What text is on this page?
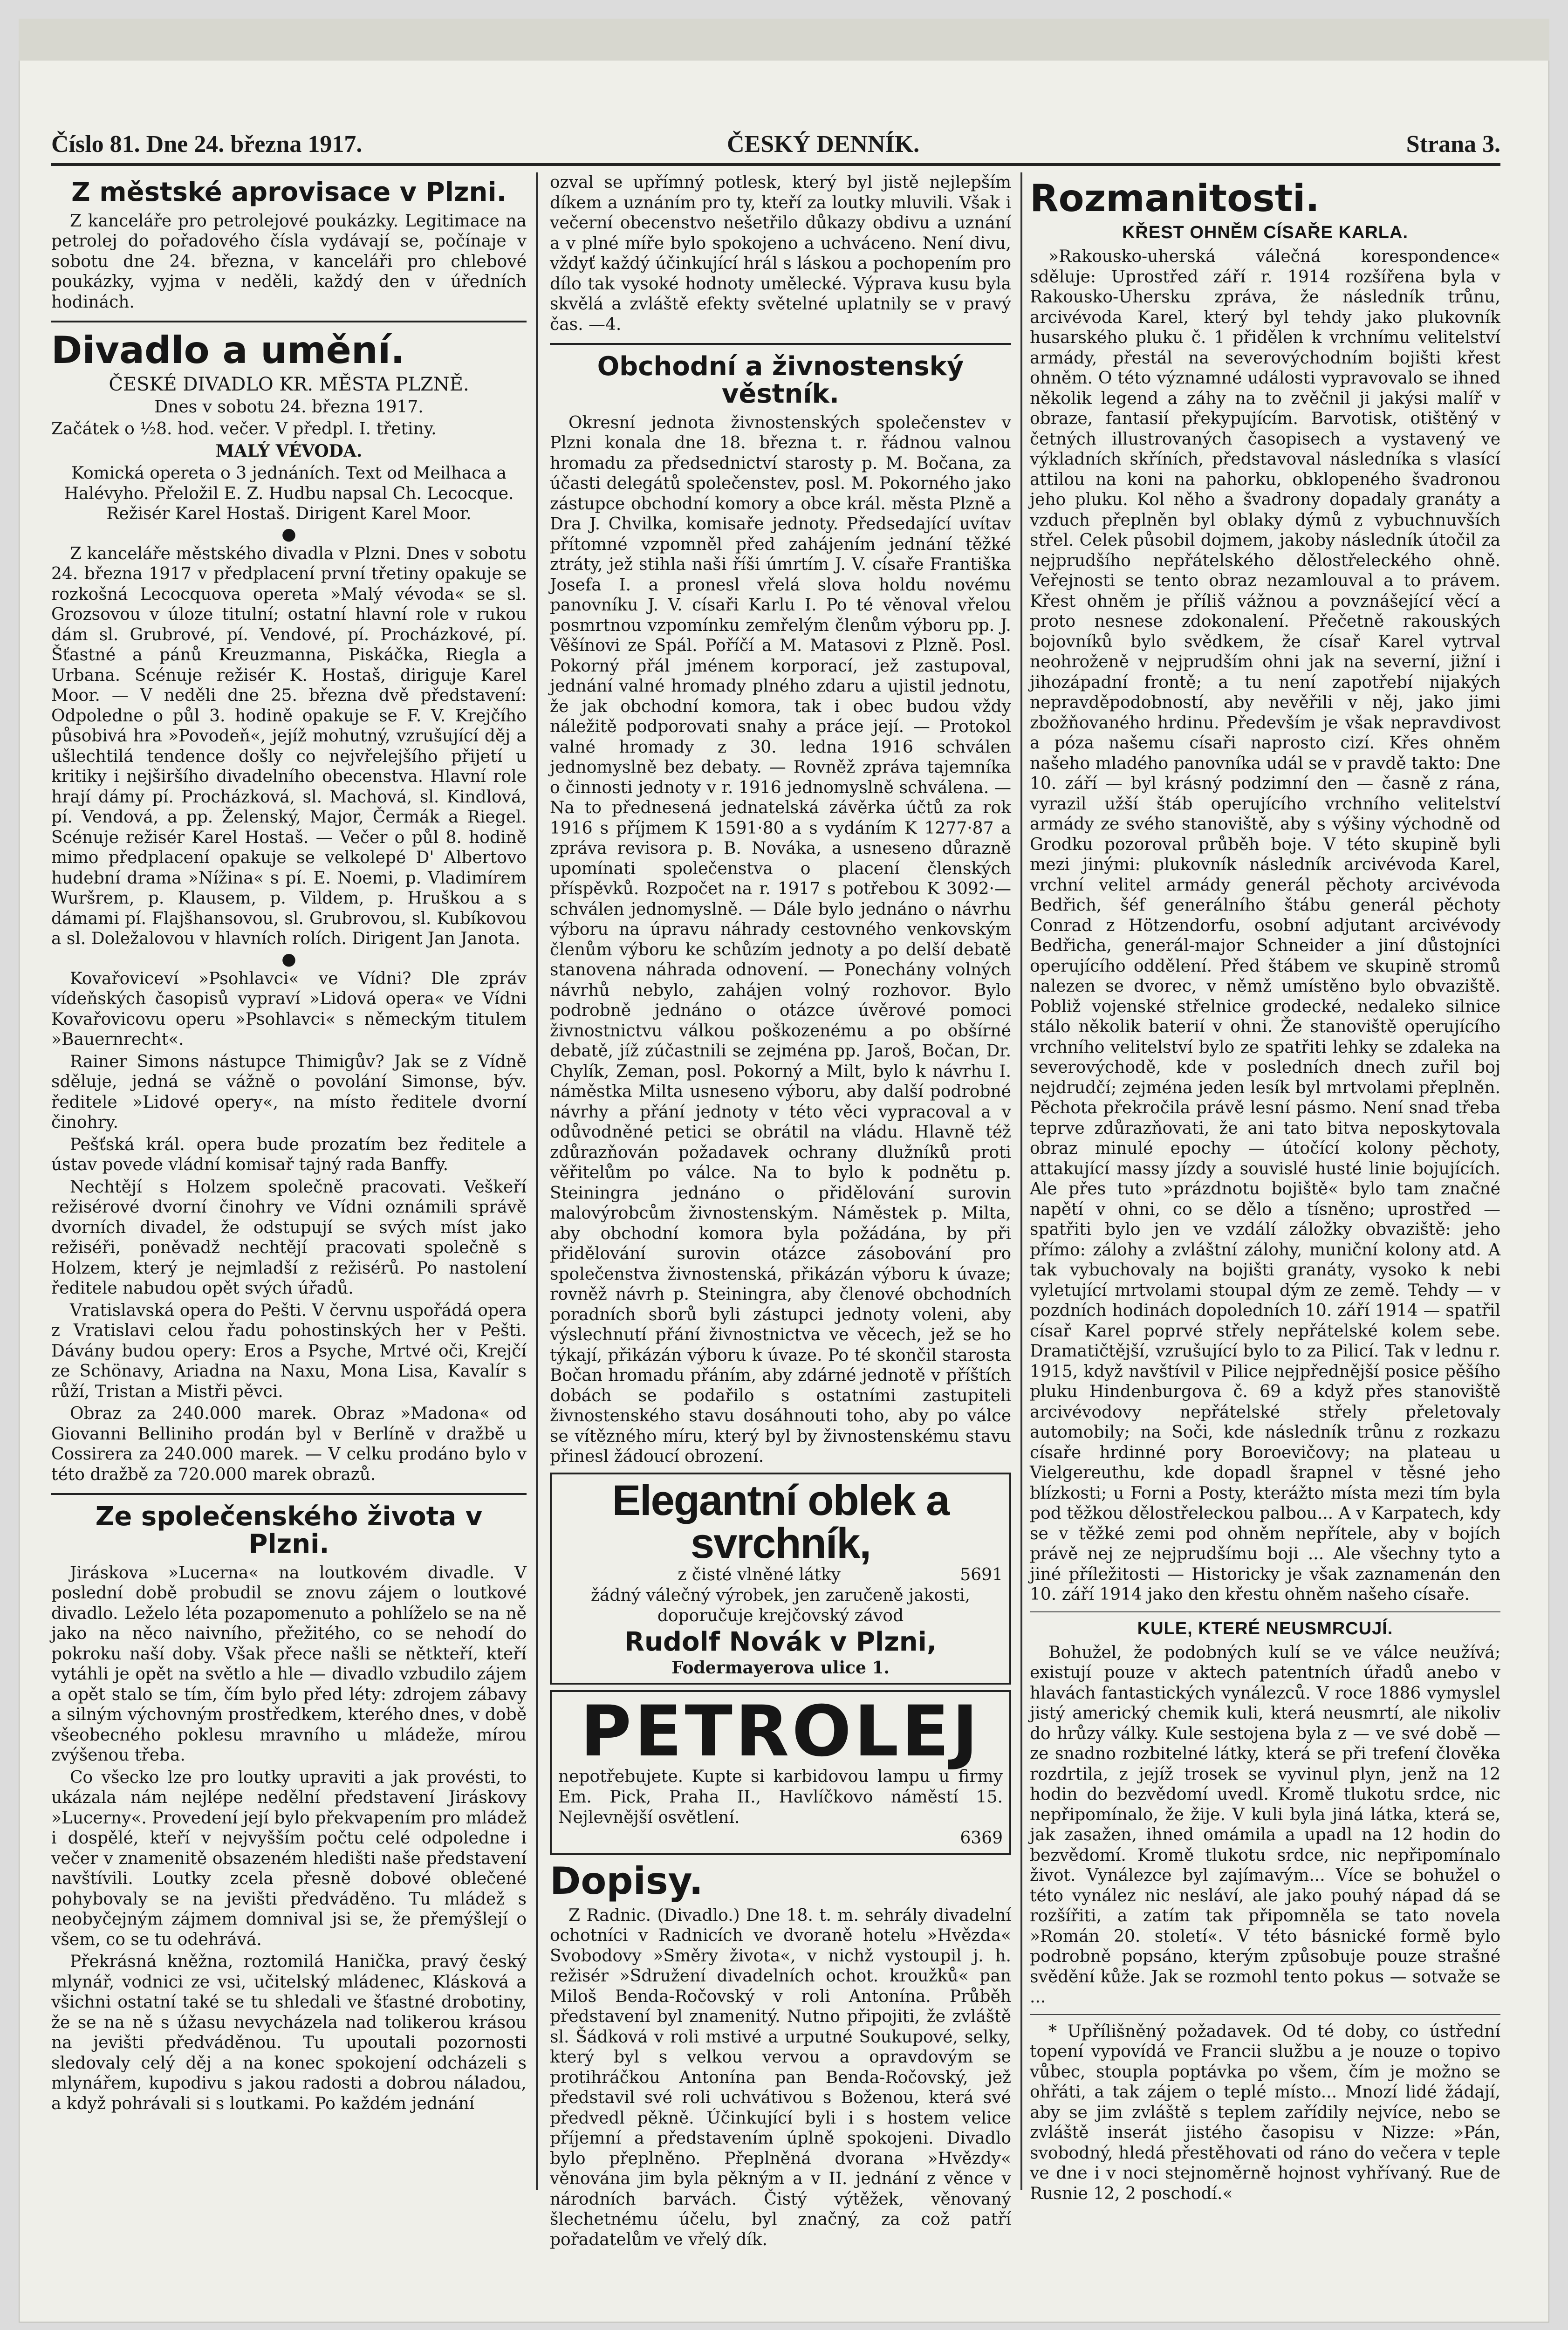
Číslo 81. Dne 24. března 1917.	ČESKÝ DENNÍK.	Strana 3.
Z městské aprovisace v Plzni.

Z kanceláře pro petrolejové poukázky. Legitimace na petrolej do pořadového čísla vydávají se, počínaje v sobotu dne 24. března, v kanceláři pro chlebové poukázky, vyjma v neděli, každý den v úředních hodinách.

Divadlo a umění.

ČESKÉ DIVADLO KR. MĚSTA PLZNĚ.

Dnes v sobotu 24. března 1917.

Začátek o ½8. hod. večer. V předpl. I. třetiny.

MALÝ VÉVODA.

Komická opereta o 3 jednáních. Text od Meilhaca a Halévyho. Přeložil E. Z. Hudbu napsal Ch. Lecocque. Režisér Karel Hostaš. Dirigent Karel Moor.

●

Z kanceláře městského divadla v Plzni. Dnes v sobotu 24. března 1917 v předplacení první třetiny opakuje se rozkošná Lecocquova opereta »Malý vévoda« se sl. Grozsovou v úloze titulní; ostatní hlavní role v rukou dám sl. Grubrové, pí. Vendové, pí. Procházkové, pí. Šťastné a pánů Kreuzmanna, Piskáčka, Riegla a Urbana. Scénuje režisér K. Hostaš, diriguje Karel Moor. — V neděli dne 25. března dvě představení: Odpoledne o půl 3. hodině opakuje se F. V. Krejčího působivá hra »Povodeň«, jejíž mohutný, vzrušující děj a ušlechtilá tendence došly co nejvřelejšího přijetí u kritiky i nejširšího divadelního obecenstva. Hlavní role hrají dámy pí. Procházková, sl. Machová, sl. Kindlová, pí. Vendová, a pp. Želenský, Major, Čermák a Riegel. Scénuje režisér Karel Hostaš. — Večer o půl 8. hodině mimo předplacení opakuje se velkolepé D' Albertovo hudební drama »Nížina« s pí. E. Noemi, p. Vladimírem Wuršrem, p. Klausem, p. Vildem, p. Hruškou a s dámami pí. Flajšhansovou, sl. Grubrovou, sl. Kubíkovou a sl. Doležalovou v hlavních rolích. Dirigent Jan Janota.

●

Kovařoviceví »Psohlavci« ve Vídni? Dle zpráv vídeňských časopisů vypraví »Lidová opera« ve Vídni Kovařovicovu operu »Psohlavci« s německým titulem »Bauernrecht«.

Rainer Simons nástupce Thimigův? Jak se z Vídně sděluje, jedná se vážně o povolání Simonse, býv. ředitele »Lidové opery«, na místo ředitele dvorní činohry.

Pešťská král. opera bude prozatím bez ředitele a ústav povede vládní komisař tajný rada Banffy.

Nechtějí s Holzem společně pracovati. Veškeří režisérové dvorní činohry ve Vídni oznámili správě dvorních divadel, že odstupují se svých míst jako režiséři, poněvadž nechtějí pracovati společně s Holzem, který je nejmladší z režisérů. Po nastolení ředitele nabudou opět svých úřadů.

Vratislavská opera do Pešti. V červnu uspořádá opera z Vratislavi celou řadu pohostinských her v Pešti. Dávány budou opery: Eros a Psyche, Mrtvé oči, Krejčí ze Schönavy, Ariadna na Naxu, Mona Lisa, Kavalír s růží, Tristan a Mistři pěvci.

Obraz za 240.000 marek. Obraz »Madona« od Giovanni Belliniho prodán byl v Berlíně v dražbě u Cossirera za 240.000 marek. — V celku prodáno bylo v této dražbě za 720.000 marek obrazů.

Ze společenského života v Plzni.

Jiráskova »Lucerna« na loutkovém divadle. V poslední době probudil se znovu zájem o loutkové divadlo. Leželo léta pozapomenuto a pohlíželo se na ně jako na něco naivního, přežitého, co se nehodí do pokroku naší doby. Však přece našli se nětkteří, kteří vytáhli je opět na světlo a hle — divadlo vzbudilo zájem a opět stalo se tím, čím bylo před léty: zdrojem zábavy a silným výchovným prostředkem, kterého dnes, v době všeobecného poklesu mravního u mládeže, mírou zvýšenou třeba.

Co všecko lze pro loutky upraviti a jak provésti, to ukázala nám nejlépe nedělní představení Jiráskovy »Lucerny«. Provedení její bylo překvapením pro mládež i dospělé, kteří v nejvyšším počtu celé odpoledne i večer v znamenitě obsazeném hledišti naše představení navštívili. Loutky zcela přesně dobové oblečené pohybovaly se na jevišti předváděno. Tu mládež s neobyčejným zájmem domnival jsi se, že přemýšlejí o všem, co se tu odehrává.

Překrásná kněžna, roztomilá Hanička, pravý český mlynář, vodnici ze vsi, učitelský mládenec, Klásková a všichni ostatní také se tu shledali ve šťastné drobotiny, že se na ně s úžasu nevycházela nad tolikerou krásou na jevišti předváděnou. Tu upoutali pozornosti sledovaly celý děj a na konec spokojení odcházeli s mlynářem, kupodivu s jakou radosti a dobrou náladou, a když pohrávali si s loutkami. Po každém jednání

ozval se upřímný potlesk, který byl jistě nejlepším díkem a uznáním pro ty, kteří za loutky mluvili. Však i večerní obecenstvo nešetřilo důkazy obdivu a uznání a v plné míře bylo spokojeno a uchváceno. Není divu, vždyť každý účinkující hrál s láskou a pochopením pro dílo tak vysoké hodnoty umělecké. Výprava kusu byla skvělá a zvláště efekty světelné uplatnily se v pravý čas. —4.

Obchodní a živnostenský věstník.

Okresní jednota živnostenských společenstev v Plzni konala dne 18. března t. r. řádnou valnou hromadu za předsednictví starosty p. M. Bočana, za účasti delegátů společenstev, posl. M. Pokorného jako zástupce obchodní komory a obce král. města Plzně a Dra J. Chvilka, komisaře jednoty. Předsedající uvítav přítomné vzpomněl před zahájením jednání těžké ztráty, jež stihla naši říši úmrtím J. V. císaře Františka Josefa I. a pronesl vřelá slova holdu novému panovníku J. V. císaři Karlu I. Po té věnoval vřelou posmrtnou vzpomínku zemřelým členům výboru pp. J. Věšínovi ze Spál. Poříčí a M. Matasovi z Plzně. Posl. Pokorný přál jménem korporací, jež zastupoval, jednání valné hromady plného zdaru a ujistil jednotu, že jak obchodní komora, tak i obec budou vždy náležitě podporovati snahy a práce její. — Protokol valné hromady z 30. ledna 1916 schválen jednomyslně bez debaty. — Rovněž zpráva tajemníka o činnosti jednoty v r. 1916 jednomyslně schválena. — Na to přednesená jednatelská závěrka účtů za rok 1916 s příjmem K 1591·80 a s vydáním K 1277·87 a zpráva revisora p. B. Nováka, a usneseno důrazně upomínati společenstva o placení členských příspěvků. Rozpočet na r. 1917 s potřebou K 3092·— schválen jednomyslně. — Dále bylo jednáno o návrhu výboru na úpravu náhrady cestovného venkovským členům výboru ke schůzím jednoty a po delší debatě stanovena náhrada odnovení. — Ponechány volných návrhů nebylo, zahájen volný rozhovor. Bylo podrobně jednáno o otázce úvěrové pomoci živnostnictvu válkou poškozenému a po obšírné debatě, jíž zúčastnili se zejména pp. Jaroš, Bočan, Dr. Chylík, Zeman, posl. Pokorný a Milt, bylo k návrhu I. náměstka Milta usneseno výboru, aby další podrobné návrhy a přání jednoty v této věci vypracoval a v odůvodněné petici se obrátil na vládu. Hlavně též zdůrazňován požadavek ochrany dlužníků proti věřitelům po válce. Na to bylo k podnětu p. Steiningra jednáno o přidělování surovin malovýrobcům živnostenským. Náměstek p. Milta, aby obchodní komora byla požádána, by při přidělování surovin otázce zásobování pro společenstva živnostenská, přikázán výboru k úvaze; rovněž návrh p. Steiningra, aby členové obchodních poradních sborů byli zástupci jednoty voleni, aby výslechnutí přání živnostnictva ve věcech, jež se ho týkají, přikázán výboru k úvaze. Po té skončil starosta Bočan hromadu přáním, aby zdárné jednotě v příštích dobách se podařilo s ostatními zastupiteli živnostenského stavu dosáhnouti toho, aby po válce se vítězného míru, který byl by živnostenskému stavu přinesl žádoucí obrození.

Elegantní oblek a svrchník,
z čisté vlněné látky	5691
žádný válečný výrobek, jen zaručeně jakosti, doporučuje krejčovský závod
Rudolf Novák v Plzni,
Fodermayerova ulice 1.
PETROLEJ
nepotřebujete. Kupte si karbidovou lampu u firmy Em. Pick, Praha II., Havlíčkovo náměstí 15. Nejlevnější osvětlení.
6369
Dopisy.

Z Radnic. (Divadlo.) Dne 18. t. m. sehrály divadelní ochotníci v Radnicích ve dvoraně hotelu »Hvězda« Svobodovy »Směry života«, v nichž vystoupil j. h. režisér »Sdružení divadelních ochot. kroužků« pan Miloš Benda-Ročovský v roli Antonína. Průběh představení byl znamenitý. Nutno připojiti, že zvláště sl. Šádková v roli mstivé a urputné Soukupové, selky, který byl s velkou vervou a opravdovým se protihráčkou Antonína pan Benda-Ročovský, jež představil své roli uchvátivou s Boženou, která své předvedl pěkně. Účinkující byli i s hostem velice příjemní a představením úplně spokojeni. Divadlo bylo přeplněno. Přeplněná dvorana »Hvězdy« věnována jim byla pěkným a v II. jednání z věnce v národních barvách. Čistý výtěžek, věnovaný šlechetnému účelu, byl značný, za což patří pořadatelům ve vřelý dík.

Rozmanitosti.
KŘEST OHNĚM CÍSAŘE KARLA.

»Rakousko-uherská válečná korespondence« sděluje: Uprostřed září r. 1914 rozšířena byla v Rakousko-Uhersku zpráva, že následník trůnu, arcivévoda Karel, který byl tehdy jako plukovník husarského pluku č. 1 přidělen k vrchnímu velitelství armády, přestál na severovýchodním bojišti křest ohněm. O této významné události vypravovalo se ihned několik legend a záhy na to zvěčnil ji jakýsi malíř v obraze, fantasií překypujícím. Barvotisk, otištěný v četných illustrovaných časopisech a vystavený ve výkladních skříních, představoval následníka s vlasící attilou na koni na pahorku, obklopeného švadronou jeho pluku. Kol něho a švadrony dopadaly granáty a vzduch přeplněn byl oblaky dýmů z vybuchnuvších střel. Celek působil dojmem, jakoby následník útočil za nejprudšího nepřátelského dělostřeleckého ohně. Veřejnosti se tento obraz nezamlouval a to právem. Křest ohněm je příliš vážnou a povznášející věcí a proto nesnese zdokonalení. Přečetně rakouských bojovníků bylo svědkem, že císař Karel vytrval neohroženě v nejprudším ohni jak na severní, jižní i jihozápadní frontě; a tu není zapotřebí nijakých nepravděpodobností, aby nevěřili v něj, jako jimi zbožňovaného hrdinu. Především je však nepravdivost a póza našemu císaři naprosto cizí. Křes ohněm našeho mladého panovníka udál se v pravdě takto: Dne 10. září — byl krásný podzimní den — časně z rána, vyrazil užší štáb operujícího vrchního velitelství armády ze svého stanoviště, aby s výšiny východně od Grodku pozoroval průběh boje. V této skupině byli mezi jinými: plukovník následník arcivévoda Karel, vrchní velitel armády generál pěchoty arcivévoda Bedřich, šéf generálního štábu generál pěchoty Conrad z Hötzendorfu, osobní adjutant arcivévody Bedřicha, generál-major Schneider a jiní důstojníci operujícího oddělení. Před štábem ve skupině stromů nalezen se dvorec, v němž umístěno bylo obvaziště. Pobliž vojenské střelnice grodecké, nedaleko silnice stálo několik baterií v ohni. Že stanoviště operujícího vrchního velitelství bylo ze spatřiti lehky se zdaleka na severovýchodě, kde v posledních dnech zuřil boj nejdrudčí; zejména jeden lesík byl mrtvolami přeplněn. Pěchota překročila právě lesní pásmo. Není snad třeba teprve zdůrazňovati, že ani tato bitva neposkytovala obraz minulé epochy — útočící kolony pěchoty, attakující massy jízdy a souvislé husté linie bojujících. Ale přes tuto »prázdnotu bojiště« bylo tam značné napětí v ohni, co se dělo a tísněno; uprostřed — spatřiti bylo jen ve vzdálí záložky obvaziště: jeho přímo: zálohy a zvláštní zálohy, muniční kolony atd. A tak vybuchovaly na bojišti granáty, vysoko k nebi vyletující mrtvolami stoupal dým ze země. Tehdy — v pozdních hodinách dopoledních 10. září 1914 — spatřil císař Karel poprvé střely nepřátelské kolem sebe. Dramatičtější, vzrušující bylo to za Pilicí. Tak v lednu r. 1915, když navštívil v Pilice nejpřednější posice pěšího pluku Hindenburgova č. 69 a když přes stanoviště arcivévodovy nepřátelské střely přeletovaly automobily; na Soči, kde následník trůnu z rozkazu císaře hrdinné pory Boroevičovy; na plateau u Vielgereuthu, kde dopadl šrapnel v těsné jeho blízkosti; u Forni a Posty, kterážto místa mezi tím byla pod těžkou dělostřeleckou palbou... A v Karpatech, kdy se v těžké zemi pod ohněm nepřítele, aby v bojích právě nej ze nejprudšímu boji ... Ale všechny tyto a jiné příležitosti — Historicky je však zaznamenán den 10. září 1914 jako den křestu ohněm našeho císaře.

KULE, KTERÉ NEUSMRCUJÍ.

Bohužel, že podobných kulí se ve válce neužívá; existují pouze v aktech patentních úřadů anebo v hlavách fantastických vynálezců. V roce 1886 vymyslel jistý americký chemik kuli, která neusmrtí, ale nikoliv do hrůzy války. Kule sestojena byla z — ve své době — ze snadno rozbitelné látky, která se při trefení člověka rozdrtila, z jejíž trosek se vyvinul plyn, jenž na 12 hodin do bezvědomí uvedl. Kromě tlukotu srdce, nic nepřipomínalo, že žije. V kuli byla jiná látka, která se, jak zasažen, ihned omámila a upadl na 12 hodin do bezvědomí. Kromě tlukotu srdce, nic nepřipomínalo život. Vynálezce byl zajímavým... Více se bohužel o této vynález nic nesláví, ale jako pouhý nápad dá se rozšířiti, a zatím tak připomněla se tato novela »Román 20. století«. V této básnické formě bylo podrobně popsáno, kterým způsobuje pouze strašné svědění kůže. Jak se rozmohl tento pokus — sotvaže se ...

* Upřílišněný požadavek. Od té doby, co ústřední topení vypovídá ve Francii službu a je nouze o topivo vůbec, stoupla poptávka po všem, čím je možno se ohřáti, a tak zájem o teplé místo... Mnozí lidé žádají, aby se jim zvláště s teplem zařídily nejvíce, nebo se zvláště inserát jistého časopisu v Nizze: »Pán, svobodný, hledá přestěhovati od ráno do večera v teple ve dne i v noci stejnoměrně hojnost vyhřívaný. Rue de Rusnie 12, 2 poschodí.«
